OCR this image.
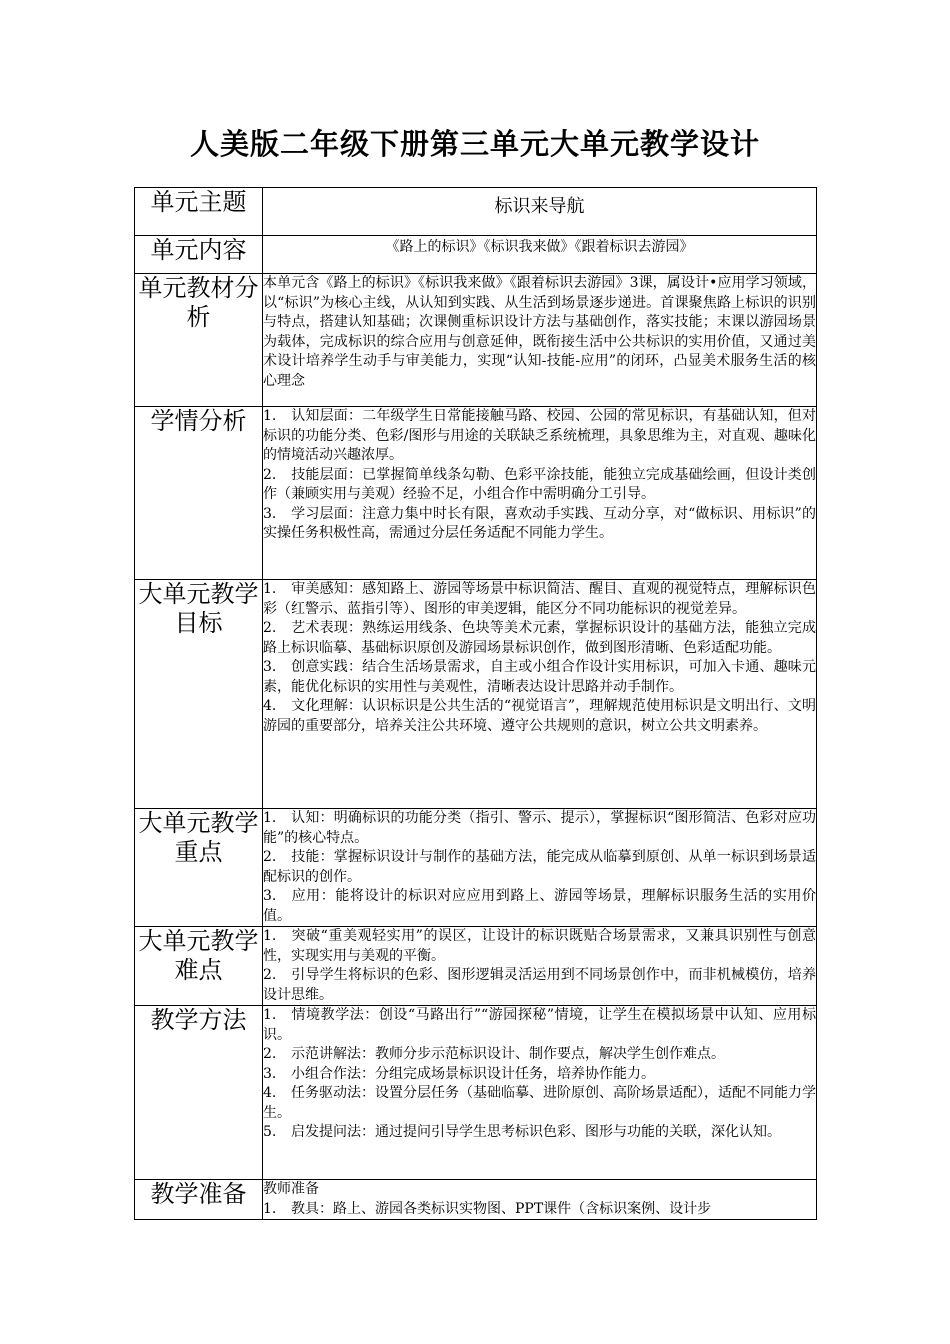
人美版二年级下册第三单元大单元教学设计
单元主题	标识来导航
单元内容	《路上的标识》《标识我来做》《跟着标识去游园》
单元教材分析	本单元含《路上的标识》《标识我来做》《跟着标识去游园》3课，属设计•应用学习领域，以“标识”为核心主线，从认知到实践、从生活到场景逐步递进。首课聚焦路上标识的识别与特点，搭建认知基础；次课侧重标识设计方法与基础创作，落实技能；末课以游园场景为载体，完成标识的综合应用与创意延伸，既衔接生活中公共标识的实用价值，又通过美术设计培养学生动手与审美能力，实现“认知-技能-应用”的闭环，凸显美术服务生活的核心理念
学情分析	1. 认知层面：二年级学生日常能接触马路、校园、公园的常见标识，有基础认知，但对标识的功能分类、色彩/图形与用途的关联缺乏系统梳理，具象思维为主，对直观、趣味化的情境活动兴趣浓厚。

2. 技能层面：已掌握简单线条勾勒、色彩平涂技能，能独立完成基础绘画，但设计类创作（兼顾实用与美观）经验不足，小组合作中需明确分工引导。

3. 学习层面：注意力集中时长有限，喜欢动手实践、互动分享，对“做标识、用标识”的实操任务积极性高，需通过分层任务适配不同能力学生。

大单元教学目标	1. 审美感知：感知路上、游园等场景中标识简洁、醒目、直观的视觉特点，理解标识色彩（红警示、蓝指引等）、图形的审美逻辑，能区分不同功能标识的视觉差异。

2. 艺术表现：熟练运用线条、色块等美术元素，掌握标识设计的基础方法，能独立完成路上标识临摹、基础标识原创及游园场景标识创作，做到图形清晰、色彩适配功能。

3. 创意实践：结合生活场景需求，自主或小组合作设计实用标识，可加入卡通、趣味元素，能优化标识的实用性与美观性，清晰表达设计思路并动手制作。

4. 文化理解：认识标识是公共生活的“视觉语言”，理解规范使用标识是文明出行、文明游园的重要部分，培养关注公共环境、遵守公共规则的意识，树立公共文明素养。

大单元教学重点	1. 认知：明确标识的功能分类（指引、警示、提示），掌握标识“图形简洁、色彩对应功能”的核心特点。

2. 技能：掌握标识设计与制作的基础方法，能完成从临摹到原创、从单一标识到场景适配标识的创作。

3. 应用：能将设计的标识对应应用到路上、游园等场景，理解标识服务生活的实用价值。

大单元教学难点	1. 突破“重美观轻实用”的误区，让设计的标识既贴合场景需求，又兼具识别性与创意性，实现实用与美观的平衡。

2. 引导学生将标识的色彩、图形逻辑灵活运用到不同场景创作中，而非机械模仿，培养设计思维。

教学方法	1. 情境教学法：创设“马路出行”“游园探秘”情境，让学生在模拟场景中认知、应用标识。

2. 示范讲解法：教师分步示范标识设计、制作要点，解决学生创作难点。

3. 小组合作法：分组完成场景标识设计任务，培养协作能力。

4. 任务驱动法：设置分层任务（基础临摹、进阶原创、高阶场景适配），适配不同能力学生。

5. 启发提问法：通过提问引导学生思考标识色彩、图形与功能的关联，深化认知。

教学准备	教师准备

1. 教具：路上、游园各类标识实物图、PPT课件（含标识案例、设计步
